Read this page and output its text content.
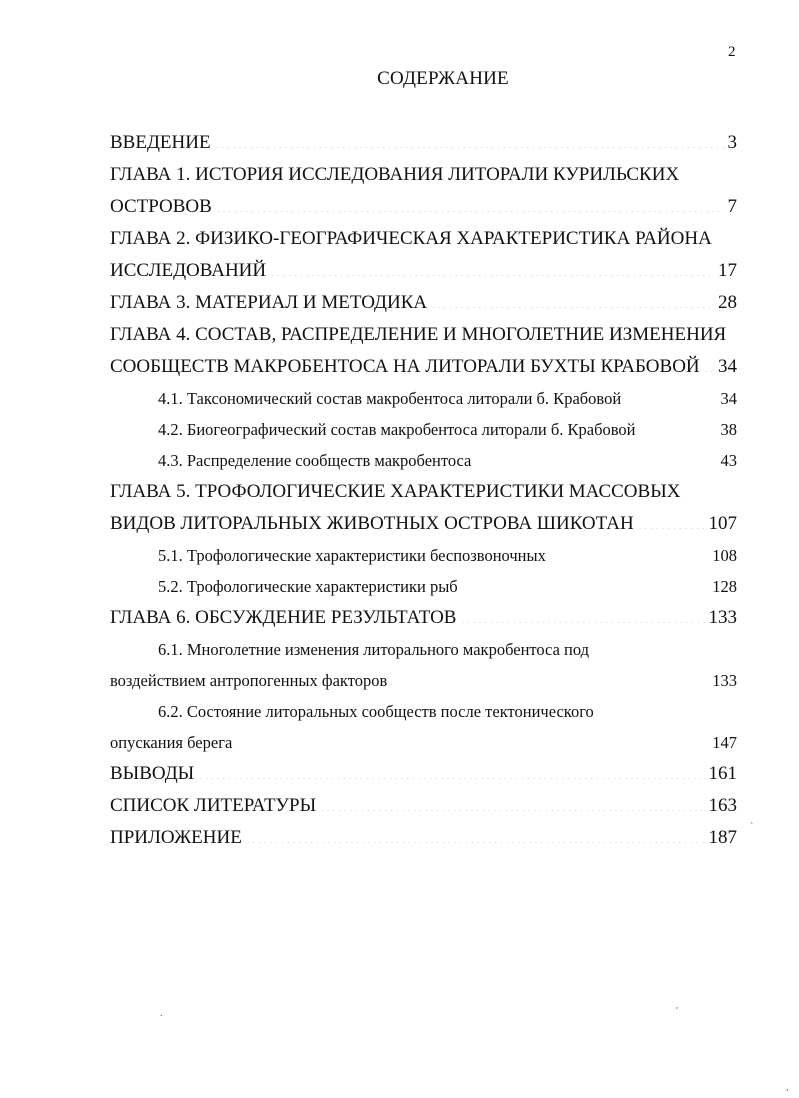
2
СОДЕРЖАНИЕ
ВВЕДЕНИЕ .....	3
ГЛАВА 1. ИСТОРИЯ ИССЛЕДОВАНИЯ ЛИТОРАЛИ КУРИЛЬСКИХ
ОСТРОВОВ .....	7
ГЛАВА 2. ФИЗИКО-ГЕОГРАФИЧЕСКАЯ ХАРАКТЕРИСТИКА РАЙОНА
ИССЛЕДОВАНИЙ .....	17
ГЛАВА 3. МАТЕРИАЛ И МЕТОДИКА .....	28
ГЛАВА 4. СОСТАВ, РАСПРЕДЕЛЕНИЕ И МНОГОЛЕТНИЕ ИЗМЕНЕНИЯ
СООБЩЕСТВ МАКРОБЕНТОСА НА ЛИТОРАЛИ БУХТЫ КРАБОВОЙ ..... 34
4.1. Таксономический состав макробентоса литорали б. Крабовой .....	34
4.2. Биогеографический состав макробентоса литорали б. Крабовой .....	38
4.3. Распределение сообществ макробентоса .....	43
ГЛАВА 5. ТРОФОЛОГИЧЕСКИЕ ХАРАКТЕРИСТИКИ МАССОВЫХ
ВИДОВ ЛИТОРАЛЬНЫХ ЖИВОТНЫХ ОСТРОВА ШИКОТАН .....	107
5.1. Трофологические характеристики беспозвоночных .....	108
5.2. Трофологические характеристики рыб .....	128
ГЛАВА 6. ОБСУЖДЕНИЕ РЕЗУЛЬТАТОВ .....	133
6.1. Многолетние изменения литорального макробентоса под
воздействием антропогенных факторов .....	133
6.2. Состояние литоральных сообществ после тектонического
опускания берега .....	147
ВЫВОДЫ .....	161
СПИСОК ЛИТЕРАТУРЫ .....	163
ПРИЛОЖЕНИЕ .....	187 `
.	'
,
